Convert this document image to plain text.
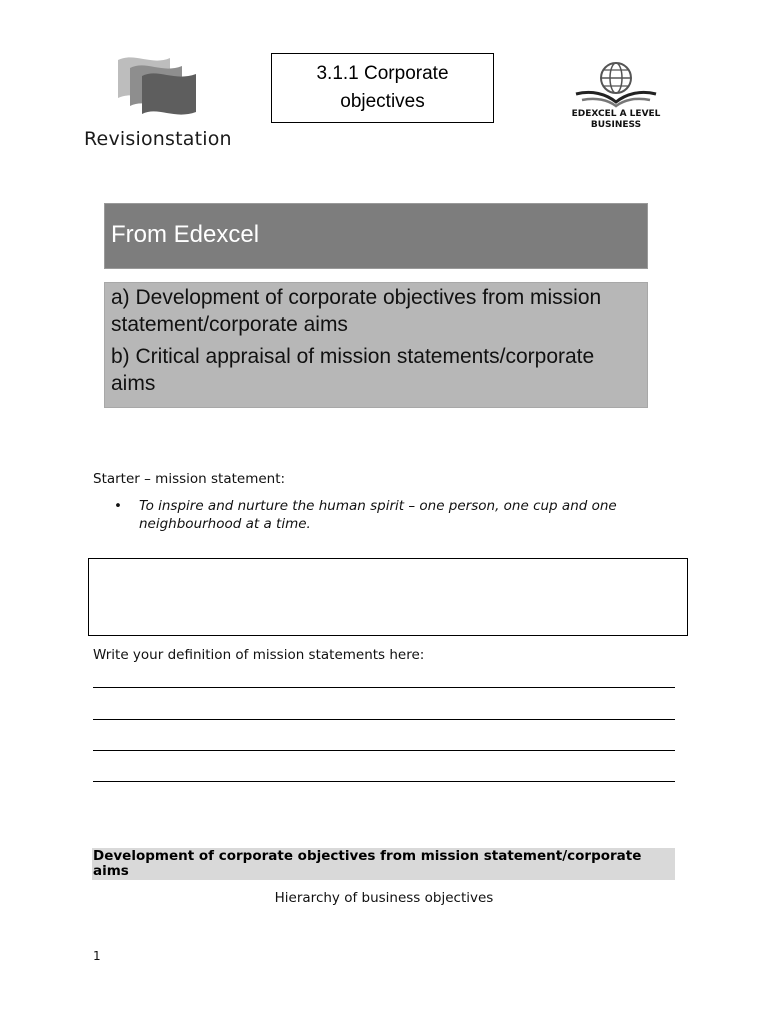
Revisionstation
3.1.1 Corporate
objectives
EDEXCEL A LEVEL
BUSINESS
From Edexcel

a) Development of corporate objectives from mission statement/corporate aims

b) Critical appraisal of mission statements/corporate aims

Starter – mission statement:
• To inspire and nurture the human spirit – one person, one cup and one neighbourhood at a time.
Write your definition of mission statements here:
Development of corporate objectives from mission statement/corporate aims
Hierarchy of business objectives
1
